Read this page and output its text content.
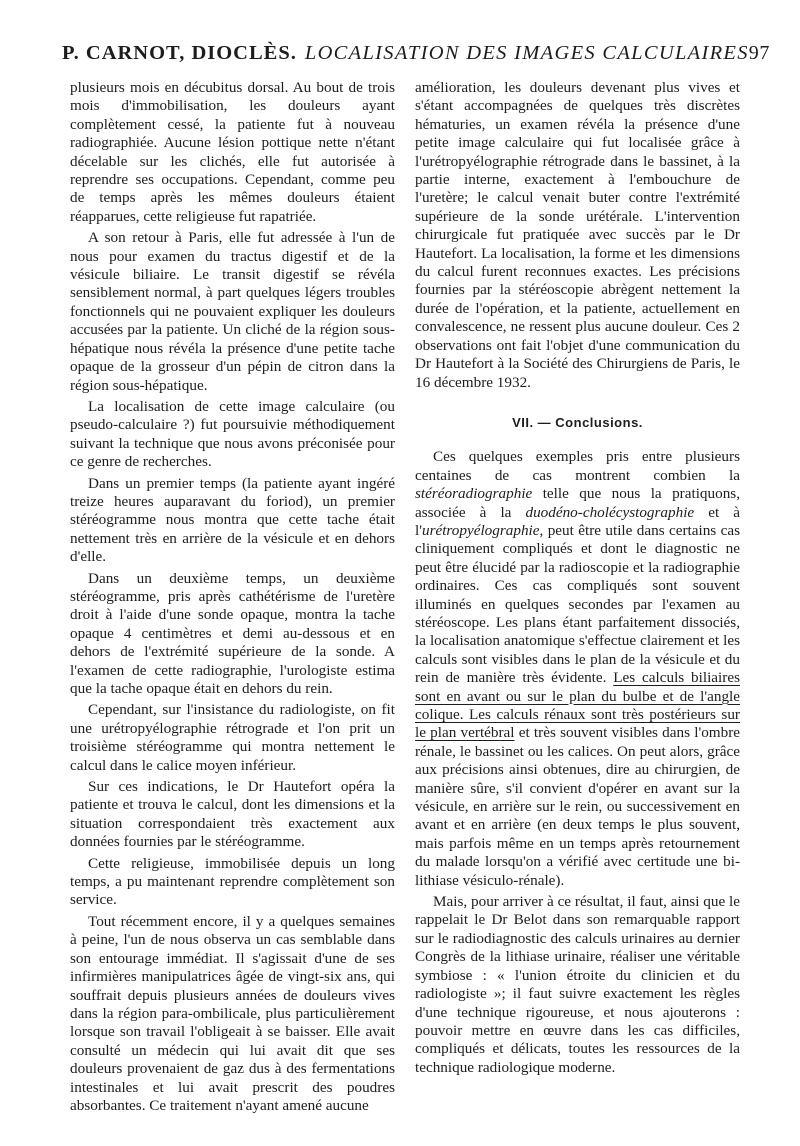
P. CARNOT, DIOCLÈS. LOCALISATION DES IMAGES CALCULAIRES 97

plusieurs mois en décubitus dorsal. Au bout de trois mois d'immobilisation, les douleurs ayant complètement cessé, la patiente fut à nouveau radiographiée. Aucune lésion pottique nette n'étant décelable sur les clichés, elle fut autorisée à reprendre ses occupations. Cependant, comme peu de temps après les mêmes douleurs étaient réapparues, cette religieuse fut rapatriée.

A son retour à Paris, elle fut adressée à l'un de nous pour examen du tractus digestif et de la vésicule biliaire. Le transit digestif se révéla sensiblement normal, à part quelques légers troubles fonctionnels qui ne pouvaient expliquer les douleurs accusées par la patiente. Un cliché de la région sous-hépatique nous révéla la présence d'une petite tache opaque de la grosseur d'un pépin de citron dans la région sous-hépatique.

La localisation de cette image calculaire (ou pseudo-calculaire ?) fut poursuivie méthodiquement suivant la technique que nous avons préconisée pour ce genre de recherches.

Dans un premier temps (la patiente ayant ingéré treize heures auparavant du foriod), un premier stéréogramme nous montra que cette tache était nettement très en arrière de la vésicule et en dehors d'elle.

Dans un deuxième temps, un deuxième stéréogramme, pris après cathétérisme de l'uretère droit à l'aide d'une sonde opaque, montra la tache opaque 4 centimètres et demi au-dessous et en dehors de l'extrémité supérieure de la sonde. A l'examen de cette radiographie, l'urologiste estima que la tache opaque était en dehors du rein.

Cependant, sur l'insistance du radiologiste, on fit une urétropyélographie rétrograde et l'on prit un troisième stéréogramme qui montra nettement le calcul dans le calice moyen inférieur.

Sur ces indications, le Dr Hautefort opéra la patiente et trouva le calcul, dont les dimensions et la situation correspondaient très exactement aux données fournies par le stéréogramme.

Cette religieuse, immobilisée depuis un long temps, a pu maintenant reprendre complètement son service.

Tout récemment encore, il y a quelques semaines à peine, l'un de nous observa un cas semblable dans son entourage immédiat. Il s'agissait d'une de ses infirmières manipulatrices âgée de vingt-six ans, qui souffrait depuis plusieurs années de douleurs vives dans la région para-ombilicale, plus particulièrement lorsque son travail l'obligeait à se baisser. Elle avait consulté un médecin qui lui avait dit que ses douleurs provenaient de gaz dus à des fermentations intestinales et lui avait prescrit des poudres absorbantes. Ce traitement n'ayant amené aucune

amélioration, les douleurs devenant plus vives et s'étant accompagnées de quelques très discrètes hématuries, un examen révéla la présence d'une petite image calculaire qui fut localisée grâce à l'urétropyélographie rétrograde dans le bassinet, à la partie interne, exactement à l'embouchure de l'uretère; le calcul venait buter contre l'extrémité supérieure de la sonde urétérale. L'intervention chirurgicale fut pratiquée avec succès par le Dr Hautefort. La localisation, la forme et les dimensions du calcul furent reconnues exactes. Les précisions fournies par la stéréoscopie abrègent nettement la durée de l'opération, et la patiente, actuellement en convalescence, ne ressent plus aucune douleur. Ces 2 observations ont fait l'objet d'une communication du Dr Hautefort à la Société des Chirurgiens de Paris, le 16 décembre 1932.

VII. — Conclusions.

Ces quelques exemples pris entre plusieurs centaines de cas montrent combien la stéréoradiographie telle que nous la pratiquons, associée à la duodéno-cholécystographie et à l'urétropyélographie, peut être utile dans certains cas cliniquement compliqués et dont le diagnostic ne peut être élucidé par la radioscopie et la radiographie ordinaires. Ces cas compliqués sont souvent illuminés en quelques secondes par l'examen au stéréoscope. Les plans étant parfaitement dissociés, la localisation anatomique s'effectue clairement et les calculs sont visibles dans le plan de la vésicule et du rein de manière très évidente. Les calculs biliaires sont en avant ou sur le plan du bulbe et de l'angle colique. Les calculs rénaux sont très postérieurs sur le plan vertébral et très souvent visibles dans l'ombre rénale, le bassinet ou les calices. On peut alors, grâce aux précisions ainsi obtenues, dire au chirurgien, de manière sûre, s'il convient d'opérer en avant sur la vésicule, en arrière sur le rein, ou successivement en avant et en arrière (en deux temps le plus souvent, mais parfois même en un temps après retournement du malade lorsqu'on a vérifié avec certitude une bi-lithiase vésiculo-rénale).

Mais, pour arriver à ce résultat, il faut, ainsi que le rappelait le Dr Belot dans son remarquable rapport sur le radiodiagnostic des calculs urinaires au dernier Congrès de la lithiase urinaire, réaliser une véritable symbiose : « l'union étroite du clinicien et du radiologiste »; il faut suivre exactement les règles d'une technique rigoureuse, et nous ajouterons : pouvoir mettre en œuvre dans les cas difficiles, compliqués et délicats, toutes les ressources de la technique radiologique moderne.
